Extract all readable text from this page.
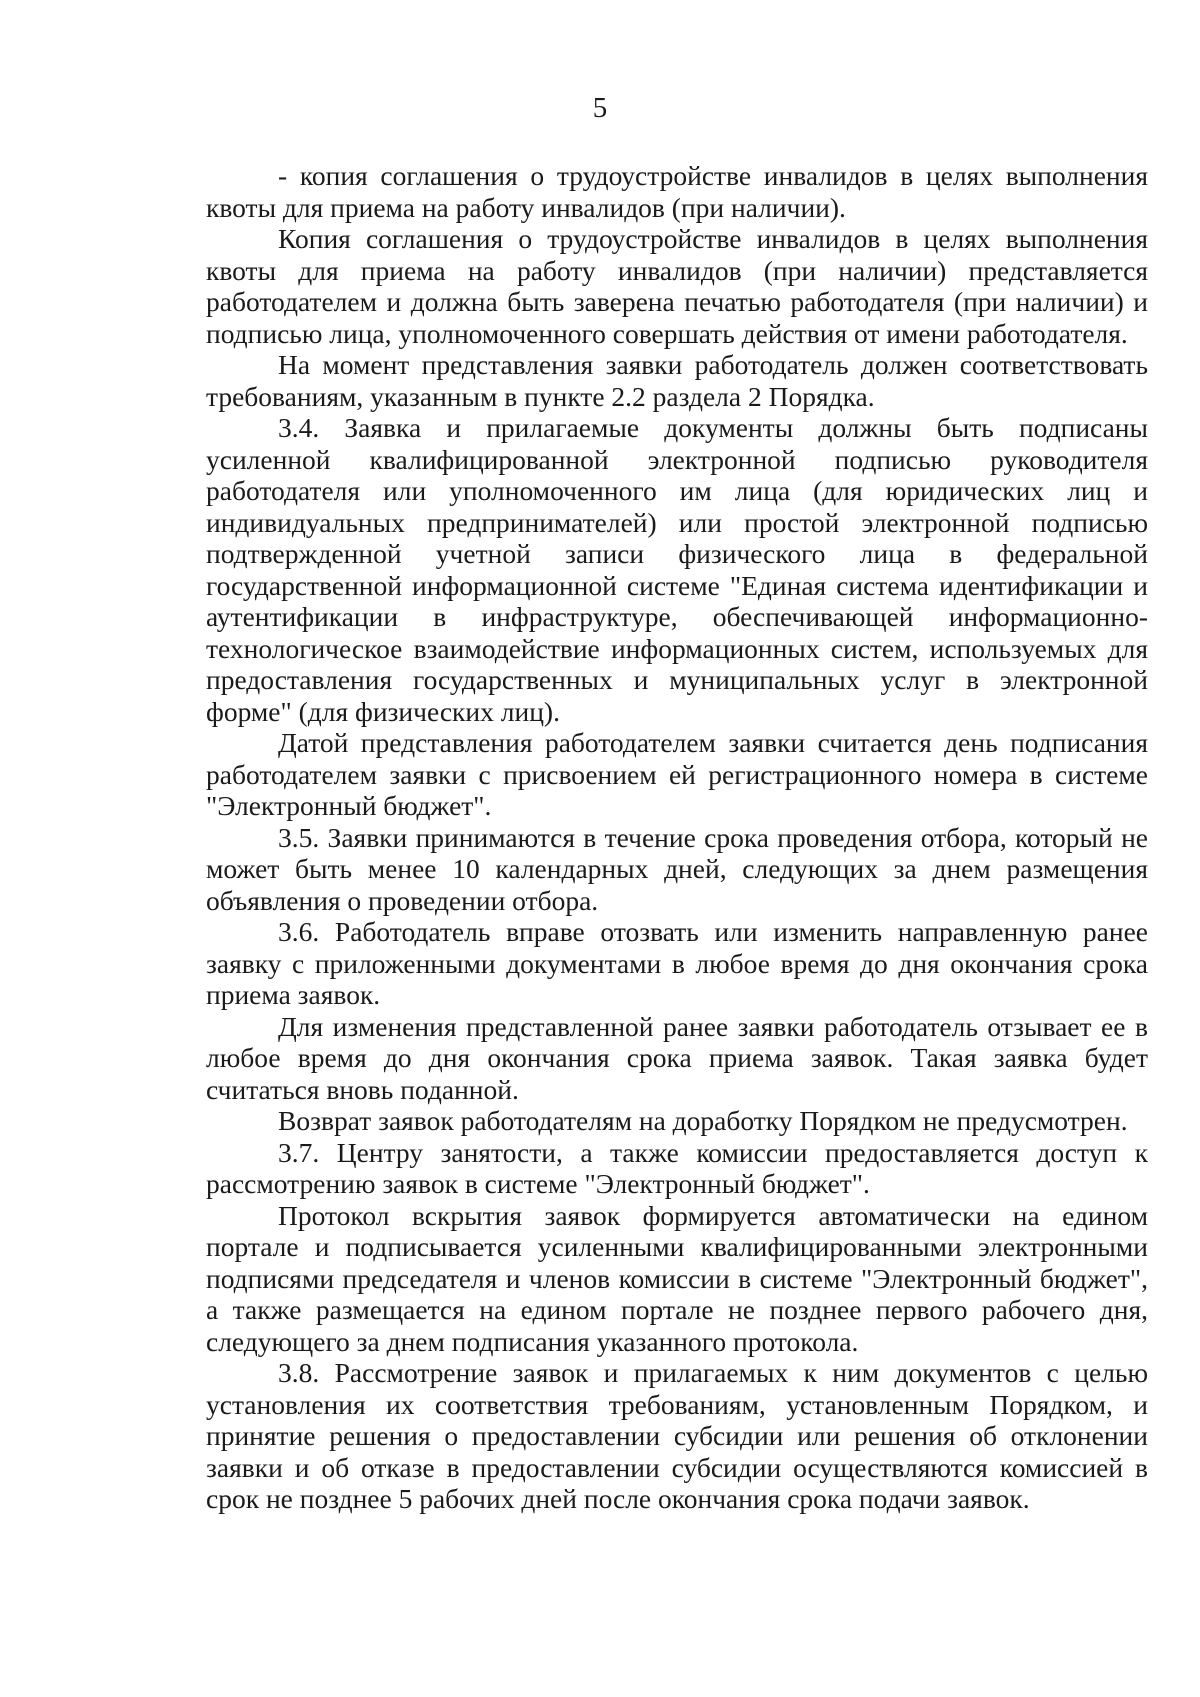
5

- копия соглашения о трудоустройстве инвалидов в целях выполнения квоты для приема на работу инвалидов (при наличии).

Копия соглашения о трудоустройстве инвалидов в целях выполнения квоты для приема на работу инвалидов (при наличии) представляется работодателем и должна быть заверена печатью работодателя (при наличии) и подписью лица, уполномоченного совершать действия от имени работодателя.

На момент представления заявки работодатель должен соответствовать требованиям, указанным в пункте 2.2 раздела 2 Порядка.

3.4. Заявка и прилагаемые документы должны быть подписаны усиленной квалифицированной электронной подписью руководителя работодателя или уполномоченного им лица (для юридических лиц и индивидуальных предпринимателей) или простой электронной подписью подтвержденной учетной записи физического лица в федеральной государственной информационной системе "Единая система идентификации и аутентификации в инфраструктуре, обеспечивающей информационно-технологическое взаимодействие информационных систем, используемых для предоставления государственных и муниципальных услуг в электронной форме" (для физических лиц).

Датой представления работодателем заявки считается день подписания работодателем заявки с присвоением ей регистрационного номера в системе "Электронный бюджет".

3.5. Заявки принимаются в течение срока проведения отбора, который не может быть менее 10 календарных дней, следующих за днем размещения объявления о проведении отбора.

3.6. Работодатель вправе отозвать или изменить направленную ранее заявку с приложенными документами в любое время до дня окончания срока приема заявок.

Для изменения представленной ранее заявки работодатель отзывает ее в любое время до дня окончания срока приема заявок. Такая заявка будет считаться вновь поданной.

Возврат заявок работодателям на доработку Порядком не предусмотрен.

3.7. Центру занятости, а также комиссии предоставляется доступ к рассмотрению заявок в системе "Электронный бюджет".

Протокол вскрытия заявок формируется автоматически на едином портале и подписывается усиленными квалифицированными электронными подписями председателя и членов комиссии в системе "Электронный бюджет", а также размещается на едином портале не позднее первого рабочего дня, следующего за днем подписания указанного протокола.

3.8. Рассмотрение заявок и прилагаемых к ним документов с целью установления их соответствия требованиям, установленным Порядком, и принятие решения о предоставлении субсидии или решения об отклонении заявки и об отказе в предоставлении субсидии осуществляются комиссией в срок не позднее 5 рабочих дней после окончания срока подачи заявок.
